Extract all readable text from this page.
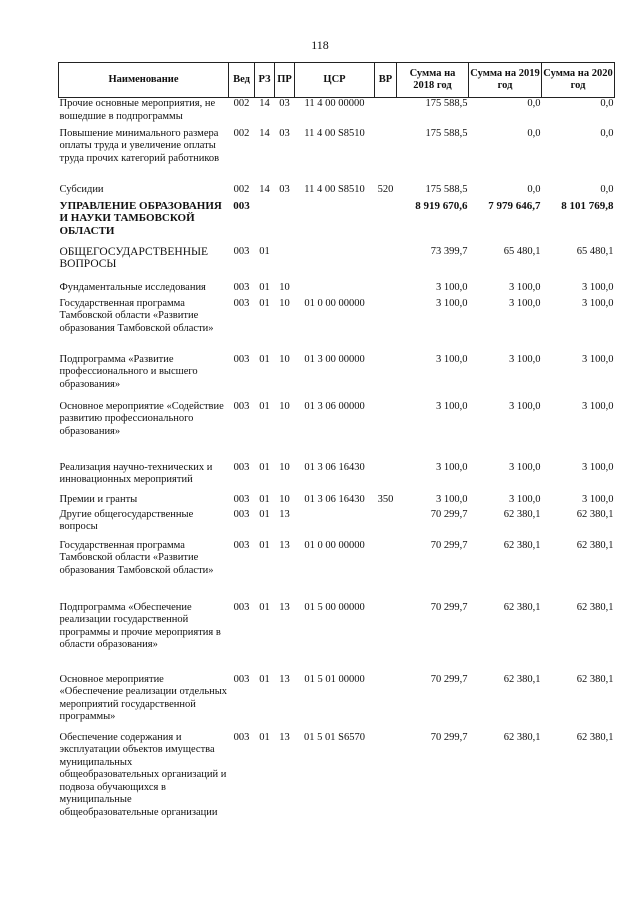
118
Наименование	Вед	РЗ	ПР	ЦСР	ВР	Сумма на 2018 год	Сумма на 2019 год	Сумма на 2020 год
Прочие основные мероприятия, не вошедшие в подпрограммы	002	14	03	11 4 00 00000		175 588,5	0,0	0,0
Повышение минимального размера оплаты труда и увеличение оплаты труда прочих категорий работников	002	14	03	11 4 00 S8510		175 588,5	0,0	0,0
Субсидии	002	14	03	11 4 00 S8510	520	175 588,5	0,0	0,0
УПРАВЛЕНИЕ ОБРАЗОВАНИЯ И НАУКИ ТАМБОВСКОЙ ОБЛАСТИ	003					8 919 670,6	7 979 646,7	8 101 769,8
ОБЩЕГОСУДАРСТВЕННЫЕ ВОПРОСЫ	003	01				73 399,7	65 480,1	65 480,1
Фундаментальные исследования	003	01	10			3 100,0	3 100,0	3 100,0
Государственная программа Тамбовской области «Развитие образования Тамбовской области»	003	01	10	01 0 00 00000		3 100,0	3 100,0	3 100,0
Подпрограмма «Развитие профессионального и высшего образования»	003	01	10	01 3 00 00000		3 100,0	3 100,0	3 100,0
Основное мероприятие «Содействие развитию профессионального образования»	003	01	10	01 3 06 00000		3 100,0	3 100,0	3 100,0
Реализация научно-технических и инновационных мероприятий	003	01	10	01 3 06 16430		3 100,0	3 100,0	3 100,0
Премии и гранты	003	01	10	01 3 06 16430	350	3 100,0	3 100,0	3 100,0
Другие общегосударственные вопросы	003	01	13			70 299,7	62 380,1	62 380,1
Государственная программа Тамбовской области «Развитие образования Тамбовской области»	003	01	13	01 0 00 00000		70 299,7	62 380,1	62 380,1
Подпрограмма «Обеспечение реализации государственной программы и прочие мероприятия в области образования»	003	01	13	01 5 00 00000		70 299,7	62 380,1	62 380,1
Основное мероприятие «Обеспечение реализации отдельных мероприятий государственной программы»	003	01	13	01 5 01 00000		70 299,7	62 380,1	62 380,1
Обеспечение содержания и эксплуатации объектов имущества муниципальных общеобразовательных организаций и подвоза обучающихся в муниципальные общеобразовательные организации	003	01	13	01 5 01 S6570		70 299,7	62 380,1	62 380,1
